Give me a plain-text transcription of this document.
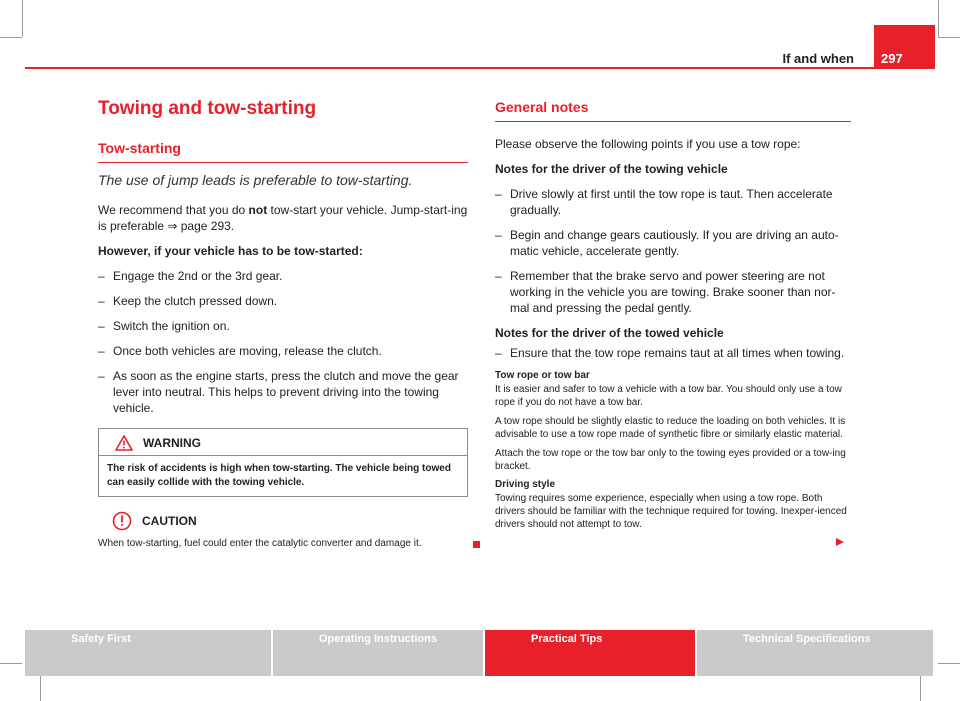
If and when	297
Towing and tow-starting
Tow-starting
The use of jump leads is preferable to tow-starting.

We recommend that you do not tow-start your vehicle. Jump-start-ing is preferable ⇒ page 293.

However, if your vehicle has to be tow-started:

– Engage the 2nd or the 3rd gear.
– Keep the clutch pressed down.
– Switch the ignition on.
– Once both vehicles are moving, release the clutch.
– As soon as the engine starts, press the clutch and move the gear lever into neutral. This helps to prevent driving into the towing vehicle.
WARNING
The risk of accidents is high when tow-starting. The vehicle being towed can easily collide with the towing vehicle.
CAUTION
When tow-starting, fuel could enter the catalytic converter and damage it.
General notes

Please observe the following points if you use a tow rope:

Notes for the driver of the towing vehicle

– Drive slowly at first until the tow rope is taut. Then accelerate gradually.
– Begin and change gears cautiously. If you are driving an auto-matic vehicle, accelerate gently.
– Remember that the brake servo and power steering are not working in the vehicle you are towing. Brake sooner than nor-mal and pressing the pedal gently.

Notes for the driver of the towed vehicle

– Ensure that the tow rope remains taut at all times when towing.
Tow rope or tow bar

It is easier and safer to tow a vehicle with a tow bar. You should only use a tow rope if you do not have a tow bar.

A tow rope should be slightly elastic to reduce the loading on both vehicles. It is advisable to use a tow rope made of synthetic fibre or similarly elastic material.

Attach the tow rope or the tow bar only to the towing eyes provided or a tow-ing bracket.

Driving style

Towing requires some experience, especially when using a tow rope. Both drivers should be familiar with the technique required for towing. Inexper-ienced drivers should not attempt to tow.

Safety First	Operating Instructions	Practical Tips	Technical Specifications
